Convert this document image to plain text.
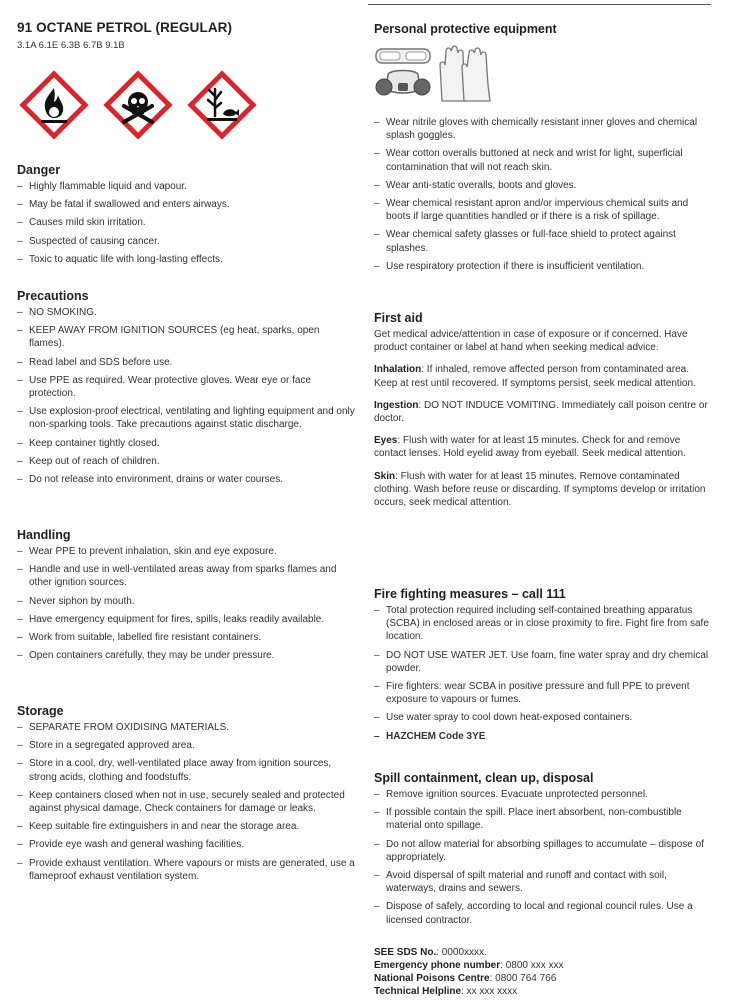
91 OCTANE PETROL (REGULAR)
3.1A 6.1E 6.3B 6.7B 9.1B
Danger
– Highly flammable liquid and vapour.
– May be fatal if swallowed and enters airways.
– Causes mild skin irritation.
– Suspected of causing cancer.
– Toxic to aquatic life with long-lasting effects.
Precautions
– NO SMOKING.
– KEEP AWAY FROM IGNITION SOURCES (eg heat, sparks, open flames).
– Read label and SDS before use.
– Use PPE as required. Wear protective gloves. Wear eye or face protection.
– Use explosion-proof electrical, ventilating and lighting equipment and only non-sparking tools. Take precautions against static discharge.
– Keep container tightly closed.
– Keep out of reach of children.
– Do not release into environment, drains or water courses.
Handling
– Wear PPE to prevent inhalation, skin and eye exposure.
– Handle and use in well-ventilated areas away from sparks flames and other ignition sources.
– Never siphon by mouth.
– Have emergency equipment for fires, spills, leaks readily available.
– Work from suitable, labelled fire resistant containers.
– Open containers carefully, they may be under pressure.
Storage
– SEPARATE FROM OXIDISING MATERIALS.
– Store in a segregated approved area.
– Store in a cool, dry, well-ventilated place away from ignition sources, strong acids, clothing and foodstuffs.
– Keep containers closed when not in use, securely sealed and protected against physical damage. Check containers for damage or leaks.
– Keep suitable fire extinguishers in and near the storage area.
– Provide eye wash and general washing facilities.
– Provide exhaust ventilation. Where vapours or mists are generated, use a flameproof exhaust ventilation system.
Personal protective equipment
– Wear nitrile gloves with chemically resistant inner gloves and chemical splash goggles.
– Wear cotton overalls buttoned at neck and wrist for light, superficial contamination that will not reach skin.
– Wear anti-static overalls, boots and gloves.
– Wear chemical resistant apron and/or impervious chemical suits and boots if large quantities handled or if there is a risk of spillage.
– Wear chemical safety glasses or full-face shield to protect against splashes.
– Use respiratory protection if there is insufficient ventilation.
First aid

Get medical advice/attention in case of exposure or if concerned. Have product container or label at hand when seeking medical advice.

Inhalation: If inhaled, remove affected person from contaminated area. Keep at rest until recovered. If symptoms persist, seek medical attention.

Ingestion: DO NOT INDUCE VOMITING. Immediately call poison centre or doctor.

Eyes: Flush with water for at least 15 minutes. Check for and remove contact lenses. Hold eyelid away from eyeball. Seek medical attention.

Skin: Flush with water for at least 15 minutes. Remove contaminated clothing. Wash before reuse or discarding. If symptoms develop or irritation occurs, seek medical attention.

Fire fighting measures – call 111
– Total protection required including self-contained breathing apparatus (SCBA) in enclosed areas or in close proximity to fire. Fight fire from safe location.
– DO NOT USE WATER JET. Use foam, fine water spray and dry chemical powder.
– Fire fighters: wear SCBA in positive pressure and full PPE to prevent exposure to vapours or fumes.
– Use water spray to cool down heat-exposed containers.
– HAZCHEM Code 3YE
Spill containment, clean up, disposal
– Remove ignition sources. Evacuate unprotected personnel.
– If possible contain the spill. Place inert absorbent, non-combustible material onto spillage.
– Do not allow material for absorbing spillages to accumulate – dispose of appropriately.
– Avoid dispersal of spilt material and runoff and contact with soil, waterways, drains and sewers.
– Dispose of safely, according to local and regional council rules. Use a licensed contractor.
SEE SDS No.: 0000xxxx.
Emergency phone number: 0800 xxx xxx
National Poisons Centre: 0800 764 766
Technical Helpline: xx xxx xxxx
